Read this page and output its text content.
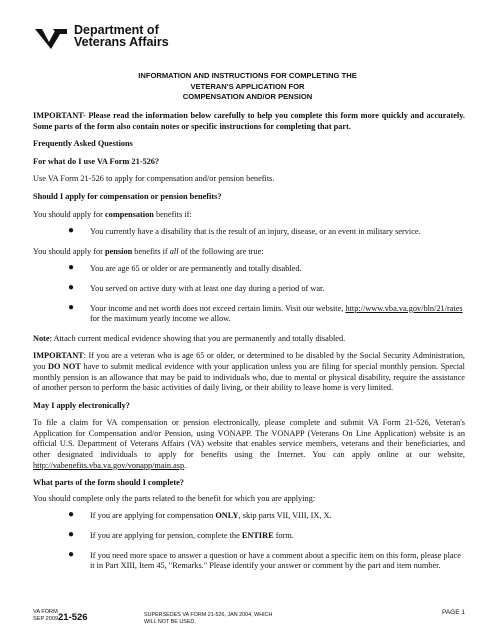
Department of
Veterans Affairs
INFORMATION AND INSTRUCTIONS FOR COMPLETING THE
VETERAN'S APPLICATION FOR
COMPENSATION AND/OR PENSION

IMPORTANT- Please read the information below carefully to help you complete this form more quickly and accurately. Some parts of the form also contain notes or specific instructions for completing that part.

Frequently Asked Questions

For what do I use VA Form 21-526?

Use VA Form 21-526 to apply for compensation and/or pension benefits.

Should I apply for compensation or pension benefits?

You should apply for compensation benefits if:

● You currently have a disability that is the result of an injury, disease, or an event in military service.

You should apply for pension benefits if all of the following are true:

● You are age 65 or older or are permanently and totally disabled.
● You served on active duty with at least one day during a period of war.
● Your income and net worth does not exceed certain limits. Visit our website, http://www.vba.va.gov/bln/21/rates for the maximum yearly income we allow.

Note: Attach current medical evidence showing that you are permanently and totally disabled.

IMPORTANT: If you are a veteran who is age 65 or older, or determined to be disabled by the Social Security Administration, you DO NOT have to submit medical evidence with your application unless you are filing for special monthly pension. Special monthly pension is an allowance that may be paid to individuals who, due to mental or physical disability, require the assistance of another person to perform the basic activities of daily living, or their ability to leave home is very limited.

May I apply electronically?

To file a claim for VA compensation or pension electronically, please complete and submit VA Form 21-526, Veteran's Application for Compensation and/or Pension, using VONAPP. The VONAPP (Veterans On Line Application) website is an official U.S. Department of Veterans Affairs (VA) website that enables service members, veterans and their beneficiaries, and other designated individuals to apply for benefits using the Internet. You can apply online at our website, http://vabenefits.vba.va.gov/vonapp/main.asp.

What parts of the form should I complete?

You should complete only the parts related to the benefit for which you are applying:

● If you are applying for compensation ONLY, skip parts VII, VIII, IX, X.
● If you are applying for pension, complete the ENTIRE form.
● If you need more space to answer a question or have a comment about a specific item on this form, please place it in Part XIII, Item 45, "Remarks." Please identify your answer or comment by the part and item number.
VA FORM
SEP 2009 21-526	SUPERSEDES VA FORM 21-526, JAN 2004, WHICH
WILL NOT BE USED.
PAGE 1
